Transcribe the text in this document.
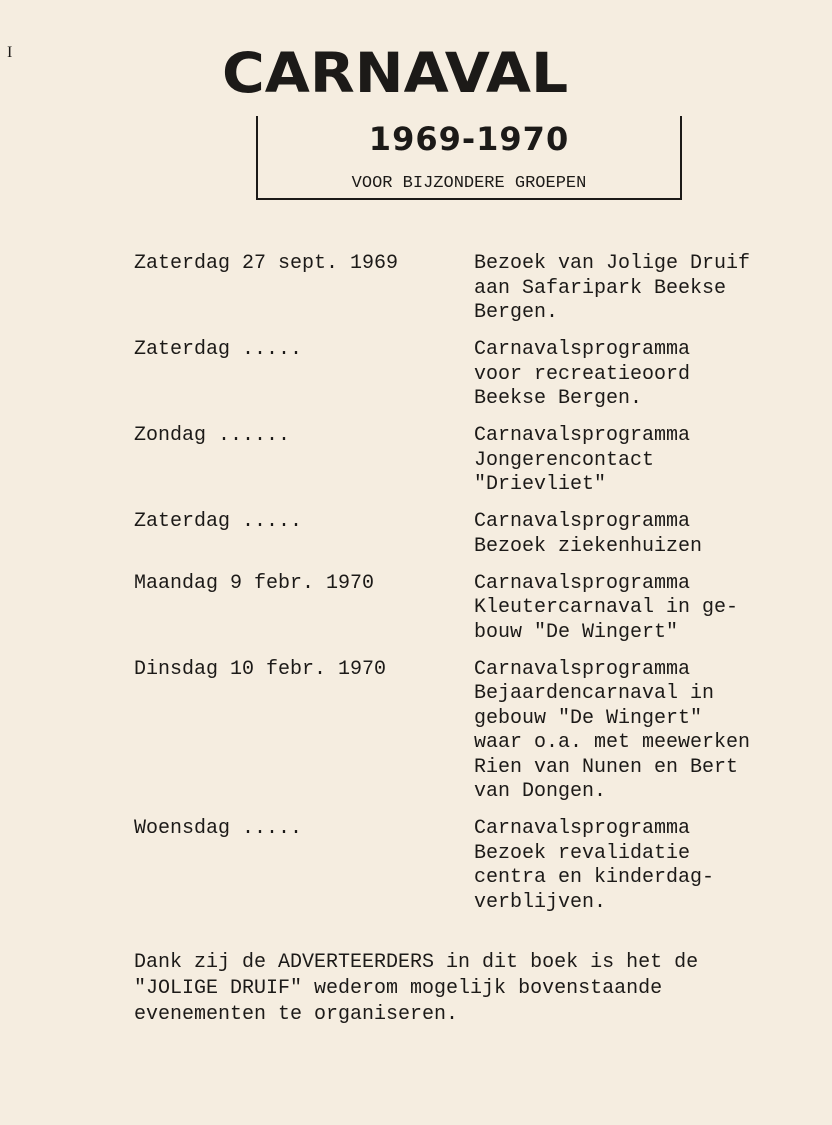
I	CARNAVAL
1969-1970
VOOR BIJZONDERE GROEPEN
Zaterdag 27 sept. 1969	Bezoek van Jolige Druif
aan Safaripark Beekse
Bergen.
Zaterdag .....	Carnavalsprogramma
voor recreatieoord
Beekse Bergen.
Zondag ......	Carnavalsprogramma
Jongerencontact
"Drievliet"
Zaterdag .....	Carnavalsprogramma
Bezoek ziekenhuizen
Maandag 9 febr. 1970	Carnavalsprogramma
Kleutercarnaval in ge-
bouw "De Wingert"
Dinsdag 10 febr. 1970	Carnavalsprogramma
Bejaardencarnaval in
gebouw "De Wingert"
waar o.a. met meewerken
Rien van Nunen en Bert
van Dongen.
Woensdag .....	Carnavalsprogramma
Bezoek revalidatie
centra en kinderdag-
verblijven.
Dank zij de ADVERTEERDERS in dit boek is het de
"JOLIGE DRUIF" wederom mogelijk bovenstaande
evenementen te organiseren.
